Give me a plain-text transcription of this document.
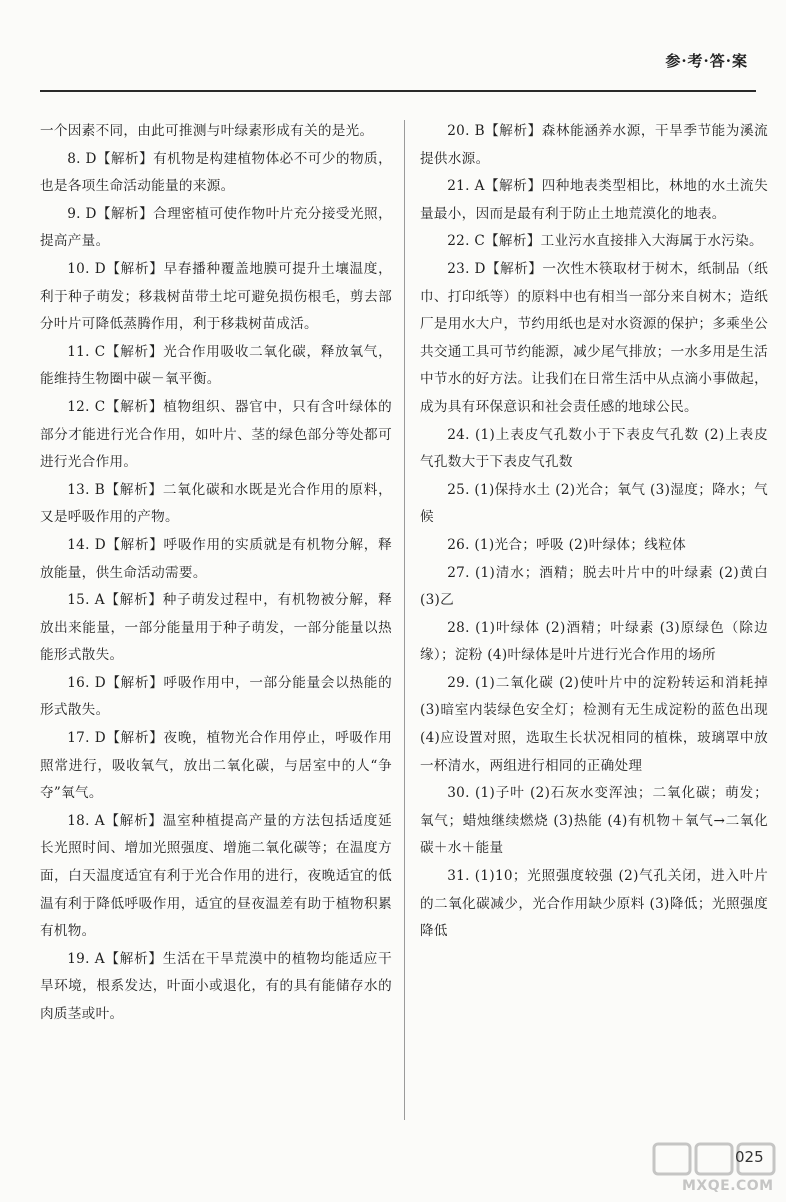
参·考·答·案

一个因素不同，由此可推测与叶绿素形成有关的是光。

8. D【解析】有机物是构建植物体必不可少的物质，也是各项生命活动能量的来源。

9. D【解析】合理密植可使作物叶片充分接受光照，提高产量。

10. D【解析】早春播种覆盖地膜可提升土壤温度，利于种子萌发；移栽树苗带土坨可避免损伤根毛，剪去部分叶片可降低蒸腾作用，利于移栽树苗成活。

11. C【解析】光合作用吸收二氧化碳，释放氧气，能维持生物圈中碳－氧平衡。

12. C【解析】植物组织、器官中，只有含叶绿体的部分才能进行光合作用，如叶片、茎的绿色部分等处都可进行光合作用。

13. B【解析】二氧化碳和水既是光合作用的原料，又是呼吸作用的产物。

14. D【解析】呼吸作用的实质就是有机物分解，释放能量，供生命活动需要。

15. A【解析】种子萌发过程中，有机物被分解，释放出来能量，一部分能量用于种子萌发，一部分能量以热能形式散失。

16. D【解析】呼吸作用中，一部分能量会以热能的形式散失。

17. D【解析】夜晚，植物光合作用停止，呼吸作用照常进行，吸收氧气，放出二氧化碳，与居室中的人“争夺”氧气。

18. A【解析】温室种植提高产量的方法包括适度延长光照时间、增加光照强度、增施二氧化碳等；在温度方面，白天温度适宜有利于光合作用的进行，夜晚适宜的低温有利于降低呼吸作用，适宜的昼夜温差有助于植物积累有机物。

19. A【解析】生活在干旱荒漠中的植物均能适应干旱环境，根系发达，叶面小或退化，有的具有能储存水的肉质茎或叶。

20. B【解析】森林能涵养水源，干旱季节能为溪流提供水源。

21. A【解析】四种地表类型相比，林地的水土流失量最小，因而是最有利于防止土地荒漠化的地表。

22. C【解析】工业污水直接排入大海属于水污染。

23. D【解析】一次性木筷取材于树木，纸制品（纸巾、打印纸等）的原料中也有相当一部分来自树木；造纸厂是用水大户，节约用纸也是对水资源的保护；多乘坐公共交通工具可节约能源，减少尾气排放；一水多用是生活中节水的好方法。让我们在日常生活中从点滴小事做起，成为具有环保意识和社会责任感的地球公民。

24. (1)上表皮气孔数小于下表皮气孔数 (2)上表皮气孔数大于下表皮气孔数

25. (1)保持水土 (2)光合；氧气 (3)湿度；降水；气候

26. (1)光合；呼吸 (2)叶绿体；线粒体

27. (1)清水；酒精；脱去叶片中的叶绿素 (2)黄白 (3)乙

28. (1)叶绿体 (2)酒精；叶绿素 (3)原绿色（除边缘）；淀粉 (4)叶绿体是叶片进行光合作用的场所

29. (1)二氧化碳 (2)使叶片中的淀粉转运和消耗掉 (3)暗室内装绿色安全灯；检测有无生成淀粉的蓝色出现 (4)应设置对照，选取生长状况相同的植株，玻璃罩中放一杯清水，两组进行相同的正确处理

30. (1)子叶 (2)石灰水变浑浊；二氧化碳；萌发；氧气；蜡烛继续燃烧 (3)热能 (4)有机物＋氧气→二氧化碳＋水＋能量

31. (1)10；光照强度较强 (2)气孔关闭，进入叶片的二氧化碳减少，光合作用缺少原料 (3)降低；光照强度降低

MXQE.COM
025
